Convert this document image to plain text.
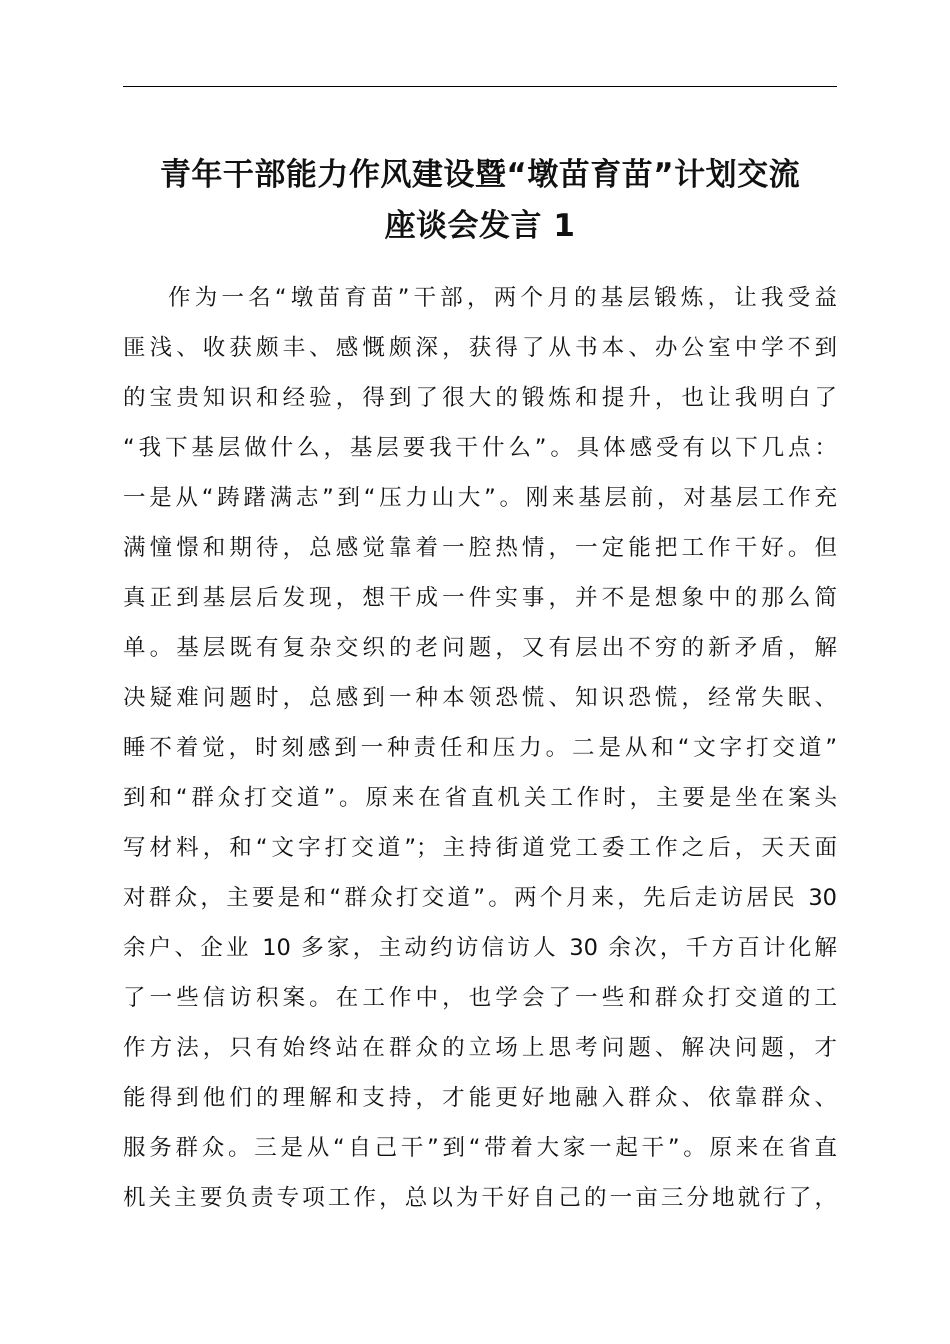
青年干部能力作风建设暨“墩苗育苗”计划交流
座谈会发言 1
作为一名“墩苗育苗”干部，两个月的基层锻炼，让我受益
匪浅、收获颇丰、感慨颇深，获得了从书本、办公室中学不到
的宝贵知识和经验，得到了很大的锻炼和提升，也让我明白了
“我下基层做什么，基层要我干什么”。具体感受有以下几点：
一是从“踌躇满志”到“压力山大”。刚来基层前，对基层工作充
满憧憬和期待，总感觉靠着一腔热情，一定能把工作干好。但
真正到基层后发现，想干成一件实事，并不是想象中的那么简
单。基层既有复杂交织的老问题，又有层出不穷的新矛盾，解
决疑难问题时，总感到一种本领恐慌、知识恐慌，经常失眠、
睡不着觉，时刻感到一种责任和压力。二是从和“文字打交道”
到和“群众打交道”。原来在省直机关工作时，主要是坐在案头
写材料，和“文字打交道”；主持街道党工委工作之后，天天面
对群众，主要是和“群众打交道”。两个月来，先后走访居民 30
余户、企业 10 多家，主动约访信访人 30 余次，千方百计化解
了一些信访积案。在工作中，也学会了一些和群众打交道的工
作方法，只有始终站在群众的立场上思考问题、解决问题，才
能得到他们的理解和支持，才能更好地融入群众、依靠群众、
服务群众。三是从“自己干”到“带着大家一起干”。原来在省直
机关主要负责专项工作，总以为干好自己的一亩三分地就行了，
